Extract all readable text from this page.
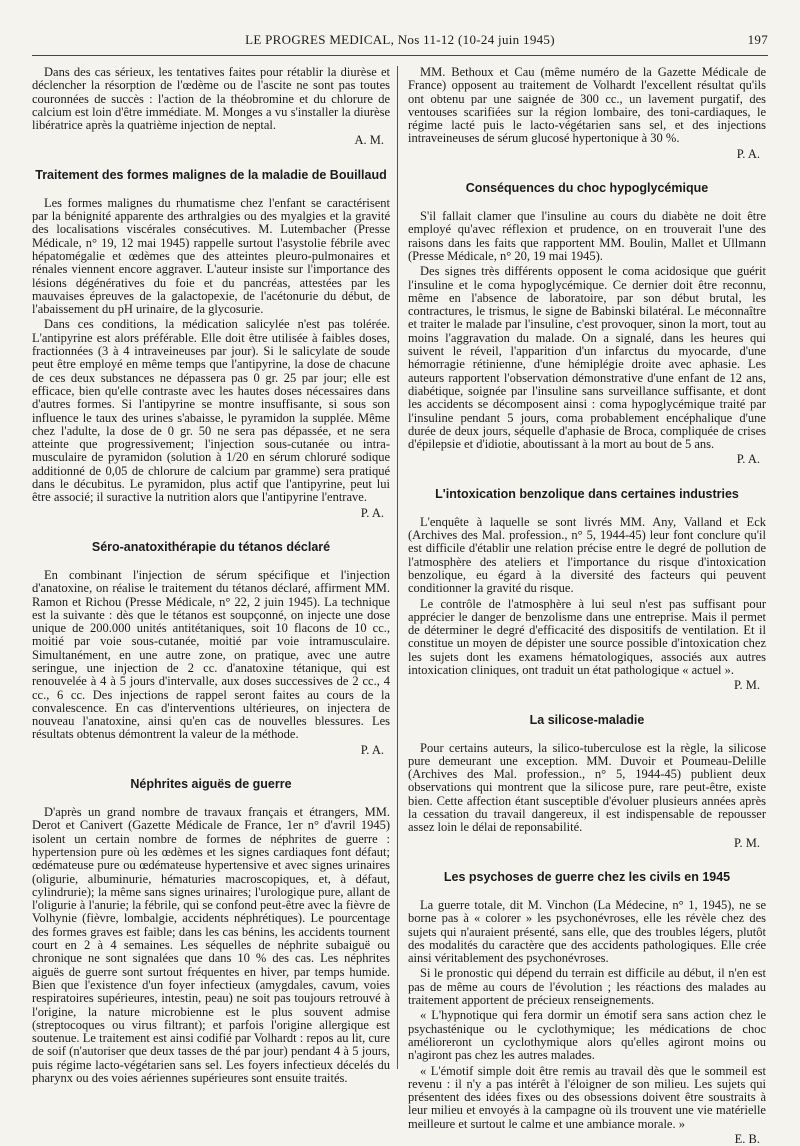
LE PROGRES MEDICAL, Nos 11-12 (10-24 juin 1945)	197

Dans des cas sérieux, les tentatives faites pour rétablir la diurèse et déclencher la résorption de l'œdème ou de l'ascite ne sont pas toutes couronnées de succès : l'action de la théobromine et du chlorure de calcium est loin d'être immédiate. M. Monges a vu s'installer la diurèse libératrice après la quatrième injection de neptal.

A. M.

Traitement des formes malignes de la maladie de Bouillaud

Les formes malignes du rhumatisme chez l'enfant se caractérisent par la bénignité apparente des arthralgies ou des myalgies et la gravité des localisations viscérales consécutives. M. Lutembacher (Presse Médicale, n° 19, 12 mai 1945) rappelle surtout l'asystolie fébrile avec hépatomégalie et œdèmes que des atteintes pleuro-pulmonaires et rénales viennent encore aggraver. L'auteur insiste sur l'importance des lésions dégénératives du foie et du pancréas, attestées par les mauvaises épreuves de la galactopexie, de l'acétonurie du début, de l'abaissement du pH urinaire, de la glycosurie.

Dans ces conditions, la médication salicylée n'est pas tolérée. L'antipyrine est alors préférable. Elle doit être utilisée à faibles doses, fractionnées (3 à 4 intraveineuses par jour). Si le salicylate de soude peut être employé en même temps que l'antipyrine, la dose de chacune de ces deux substances ne dépassera pas 0 gr. 25 par jour; elle est efficace, bien qu'elle contraste avec les hautes doses nécessaires dans d'autres formes. Si l'antipyrine se montre insuffisante, si sous son influence le taux des urines s'abaisse, le pyramidon la supplée. Même chez l'adulte, la dose de 0 gr. 50 ne sera pas dépassée, et ne sera atteinte que progressivement; l'injection sous-cutanée ou intra-musculaire de pyramidon (solution à 1/20 en sérum chloruré sodique additionné de 0,05 de chlorure de calcium par gramme) sera pratiqué dans le décubitus. Le pyramidon, plus actif que l'antipyrine, peut lui être associé; il suractive la nutrition alors que l'antipyrine l'entrave.

P. A.

Séro-anatoxithérapie du tétanos déclaré

En combinant l'injection de sérum spécifique et l'injection d'anatoxine, on réalise le traitement du tétanos déclaré, affirment MM. Ramon et Richou (Presse Médicale, n° 22, 2 juin 1945). La technique est la suivante : dès que le tétanos est soupçonné, on injecte une dose unique de 200.000 unités antitétaniques, soit 10 flacons de 10 cc., moitié par voie sous-cutanée, moitié par voie intramusculaire. Simultanément, en une autre zone, on pratique, avec une autre seringue, une injection de 2 cc. d'anatoxine tétanique, qui est renouvelée à 4 à 5 jours d'intervalle, aux doses successives de 2 cc., 4 cc., 6 cc. Des injections de rappel seront faites au cours de la convalescence. En cas d'interventions ultérieures, on injectera de nouveau l'anatoxine, ainsi qu'en cas de nouvelles blessures. Les résultats obtenus démontrent la valeur de la méthode.

P. A.

Néphrites aiguës de guerre

D'après un grand nombre de travaux français et étrangers, MM. Derot et Canivert (Gazette Médicale de France, 1er n° d'avril 1945) isolent un certain nombre de formes de néphrites de guerre : hypertension pure où les œdèmes et les signes cardiaques font défaut; œdémateuse pure ou œdémateuse hypertensive et avec signes urinaires (oligurie, albuminurie, hématuries macroscopiques, et, à défaut, cylindrurie); la même sans signes urinaires; l'urologique pure, allant de l'oligurie à l'anurie; la fébrile, qui se confond peut-être avec la fièvre de Volhynie (fièvre, lombalgie, accidents néphrétiques). Le pourcentage des formes graves est faible; dans les cas bénins, les accidents tournent court en 2 à 4 semaines. Les séquelles de néphrite subaiguë ou chronique ne sont signalées que dans 10 % des cas. Les néphrites aiguës de guerre sont surtout fréquentes en hiver, par temps humide. Bien que l'existence d'un foyer infectieux (amygdales, cavum, voies respiratoires supérieures, intestin, peau) ne soit pas toujours retrouvé à l'origine, la nature microbienne est le plus souvent admise (streptocoques ou virus filtrant); et parfois l'origine allergique est soutenue. Le traitement est ainsi codifié par Volhardt : repos au lit, cure de soif (n'autoriser que deux tasses de thé par jour) pendant 4 à 5 jours, puis régime lacto-végétarien sans sel. Les foyers infectieux décelés du pharynx ou des voies aériennes supérieures sont ensuite traités.

MM. Bethoux et Cau (même numéro de la Gazette Médicale de France) opposent au traitement de Volhardt l'excellent résultat qu'ils ont obtenu par une saignée de 300 cc., un lavement purgatif, des ventouses scarifiées sur la région lombaire, des toni-cardiaques, le régime lacté puis le lacto-végétarien sans sel, et des injections intraveineuses de sérum glucosé hypertonique à 30 %.

P. A.

Conséquences du choc hypoglycémique

S'il fallait clamer que l'insuline au cours du diabète ne doit être employé qu'avec réflexion et prudence, on en trouverait l'une des raisons dans les faits que rapportent MM. Boulin, Mallet et Ullmann (Presse Médicale, n° 20, 19 mai 1945).

Des signes très différents opposent le coma acidosique que guérit l'insuline et le coma hypoglycémique. Ce dernier doit être reconnu, même en l'absence de laboratoire, par son début brutal, les contractures, le trismus, le signe de Babinski bilatéral. Le méconnaître et traiter le malade par l'insuline, c'est provoquer, sinon la mort, tout au moins l'aggravation du malade. On a signalé, dans les heures qui suivent le réveil, l'apparition d'un infarctus du myocarde, d'une hémorragie rétinienne, d'une hémiplégie droite avec aphasie. Les auteurs rapportent l'observation démonstrative d'une enfant de 12 ans, diabétique, soignée par l'insuline sans surveillance suffisante, et dont les accidents se décomposent ainsi : coma hypoglycémique traité par l'insuline pendant 5 jours, coma probablement encéphalique d'une durée de deux jours, séquelle d'aphasie de Broca, compliquée de crises d'épilepsie et d'idiotie, aboutissant à la mort au bout de 5 ans.

P. A.

L'intoxication benzolique dans certaines industries

L'enquête à laquelle se sont livrés MM. Any, Valland et Eck (Archives des Mal. profession., n° 5, 1944-45) leur font conclure qu'il est difficile d'établir une relation précise entre le degré de pollution de l'atmosphère des ateliers et l'importance du risque d'intoxication benzolique, eu égard à la diversité des facteurs qui peuvent conditionner la gravité du risque.

Le contrôle de l'atmosphère à lui seul n'est pas suffisant pour apprécier le danger de benzolisme dans une entreprise. Mais il permet de déterminer le degré d'efficacité des dispositifs de ventilation. Et il constitue un moyen de dépister une source possible d'intoxication chez les sujets dont les examens hématologiques, associés aux autres intoxication cliniques, ont traduit un état pathologique « actuel ».

P. M.

La silicose-maladie

Pour certains auteurs, la silico-tuberculose est la règle, la silicose pure demeurant une exception. MM. Duvoir et Poumeau-Delille (Archives des Mal. profession., n° 5, 1944-45) publient deux observations qui montrent que la silicose pure, rare peut-être, existe bien. Cette affection étant susceptible d'évoluer plusieurs années après la cessation du travail dangereux, il est indispensable de repousser assez loin le délai de reponsabilité.

P. M.

Les psychoses de guerre chez les civils en 1945

La guerre totale, dit M. Vinchon (La Médecine, n° 1, 1945), ne se borne pas à « colorer » les psychonévroses, elle les révèle chez des sujets qui n'auraient présenté, sans elle, que des troubles légers, plutôt des modalités du caractère que des accidents pathologiques. Elle crée ainsi véritablement des psychonévroses.

Si le pronostic qui dépend du terrain est difficile au début, il n'en est pas de même au cours de l'évolution ; les réactions des malades au traitement apportent de précieux renseignements.

« L'hypnotique qui fera dormir un émotif sera sans action chez le psychasténique ou le cyclothymique; les médications de choc amélioreront un cyclothymique alors qu'elles agiront moins ou n'agiront pas chez les autres malades.

« L'émotif simple doit être remis au travail dès que le sommeil est revenu : il n'y a pas intérêt à l'éloigner de son milieu. Les sujets qui présentent des idées fixes ou des obsessions doivent être soustraits à leur milieu et envoyés à la campagne où ils trouvent une vie matérielle meilleure et surtout le calme et une ambiance morale. »

E. B.
